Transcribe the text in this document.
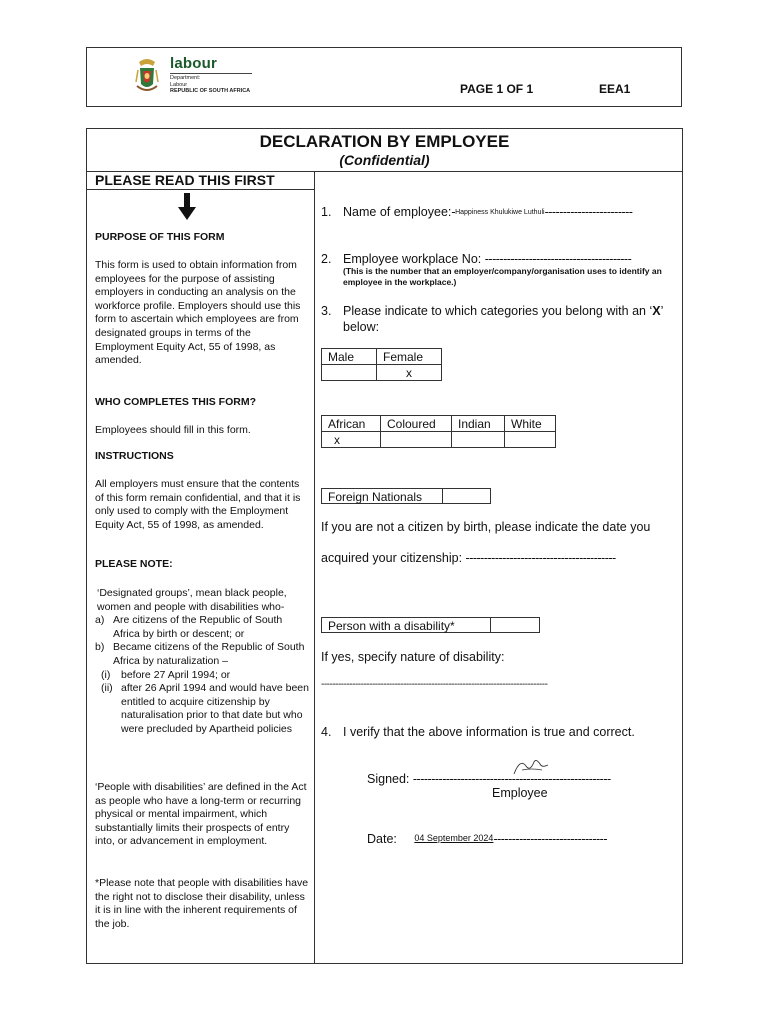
labour
Department:
Labour
REPUBLIC OF SOUTH AFRICA	PAGE 1 OF 1	EEA1
DECLARATION BY EMPLOYEE
(Confidential)
PLEASE READ THIS FIRST
PURPOSE OF THIS FORM
This form is used to obtain information from employees for the purpose of assisting employers in conducting an analysis on the workforce profile. Employers should use this form to ascertain which employees are from designated groups in terms of the Employment Equity Act, 55 of 1998, as amended.
WHO COMPLETES THIS FORM?
Employees should fill in this form.
INSTRUCTIONS
All employers must ensure that the contents of this form remain confidential, and that it is only used to comply with the Employment Equity Act, 55 of 1998, as amended.
PLEASE NOTE:
‘Designated groups’, mean black people, women and people with disabilities who-
a) Are citizens of the Republic of South Africa by birth or descent; or
b) Became citizens of the Republic of South Africa by naturalization –
(i) before 27 April 1994; or
(ii) after 26 April 1994 and would have been entitled to acquire citizenship by naturalisation prior to that date but who were precluded by Apartheid policies
‘People with disabilities’ are defined in the Act as people who have a long-term or recurring physical or mental impairment, which substantially limits their prospects of entry into, or advancement in employment.
*Please note that people with disabilities have the right not to disclose their disability, unless it is in line with the inherent requirements of the job.
1. Name of employee:-Happiness Khulukiwe Luthuli------------------------
2. Employee workplace No: ----------------------------------------
(This is the number that an employer/company/organisation uses to identify an employee in the workplace.)
3. Please indicate to which categories you belong with an ‘X’
below:
Male	Female
	x
African	Coloured	Indian	White
x			
Foreign Nationals
If you are not a citizen by birth, please indicate the date you
acquired your citizenship: -----------------------------------------
Person with a disability*
If yes, specify nature of disability:
--------------------------------------------------------------------------------
4. I verify that the above information is true and correct.
Signed: ------------------------------------------------------
Employee
Date: 04 September 2024-------------------------------
